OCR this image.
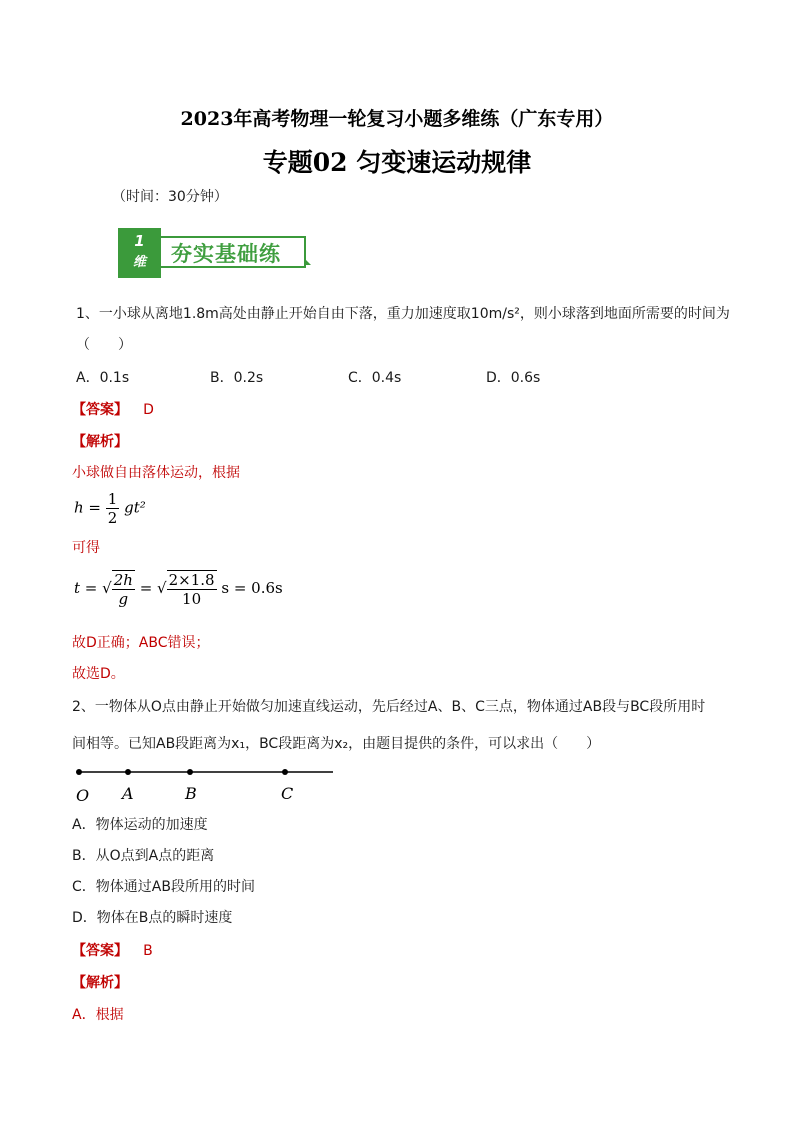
2023年高考物理一轮复习小题多维练（广东专用）
专题02 匀变速运动规律
（时间：30分钟）
1
维	夯实基础练
1、一小球从离地1.8m高处由静止开始自由下落，重力加速度取10m/s²，则小球落到地面所需要的时间为
（　　）
A．0.1s	B．0.2s	C．0.4s	D．0.6s
【答案】 D
【解析】
小球做自由落体运动，根据
$h = \frac{1}{2} gt^2$
可得
t = √ $\frac{2h}{g}$ = √ $\frac{2\times 1.8}{10}$ s = 0.6s
故D正确；ABC错误；
故选D。
2、一物体从O点由静止开始做匀加速直线运动，先后经过A、B、C三点，物体通过AB段与BC段所用时
间相等。已知AB段距离为x₁，BC段距离为x₂，由题目提供的条件，可以求出（　　）
O A	B	C
A．物体运动的加速度
B．从O点到A点的距离
C．物体通过AB段所用的时间
D．物体在B点的瞬时速度
【答案】 B
【解析】
A．根据
